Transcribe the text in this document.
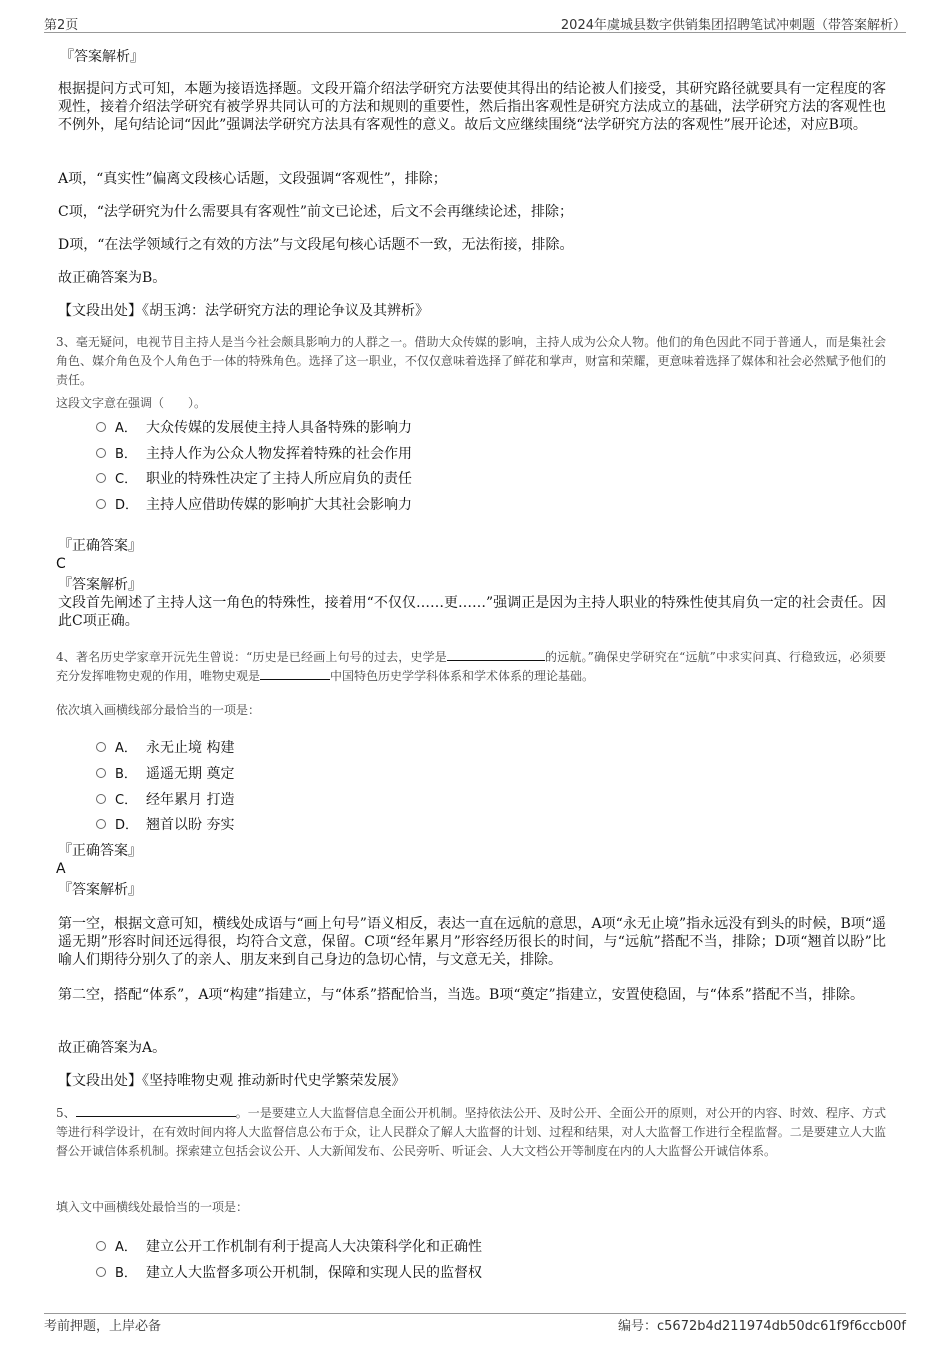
第2页	2024年虞城县数字供销集团招聘笔试冲刺题（带答案解析）

『答案解析』

根据提问方式可知，本题为接语选择题。文段开篇介绍法学研究方法要使其得出的结论被人们接受，其研究路径就要具有一定程度的客观性，接着介绍法学研究有被学界共同认可的方法和规则的重要性，然后指出客观性是研究方法成立的基础，法学研究方法的客观性也不例外，尾句结论词“因此”强调法学研究方法具有客观性的意义。故后文应继续围绕“法学研究方法的客观性”展开论述，对应B项。

A项，“真实性”偏离文段核心话题，文段强调“客观性”，排除；

C项，“法学研究为什么需要具有客观性”前文已论述，后文不会再继续论述，排除；

D项，“在法学领域行之有效的方法”与文段尾句核心话题不一致，无法衔接，排除。

故正确答案为B。

【文段出处】《胡玉鸿：法学研究方法的理论争议及其辨析》

3、毫无疑问，电视节目主持人是当今社会颇具影响力的人群之一。借助大众传媒的影响，主持人成为公众人物。他们的角色因此不同于普通人，而是集社会角色、媒介角色及个人角色于一体的特殊角色。选择了这一职业，不仅仅意味着选择了鲜花和掌声，财富和荣耀，更意味着选择了媒体和社会必然赋予他们的责任。

这段文字意在强调（　　）。

A． 大众传媒的发展使主持人具备特殊的影响力
B． 主持人作为公众人物发挥着特殊的社会作用
C． 职业的特殊性决定了主持人所应肩负的责任
D． 主持人应借助传媒的影响扩大其社会影响力

『正确答案』

C

『答案解析』

文段首先阐述了主持人这一角色的特殊性，接着用“不仅仅……更……”强调正是因为主持人职业的特殊性使其肩负一定的社会责任。因此C项正确。

4、著名历史学家章开沅先生曾说：“历史是已经画上句号的过去，史学是	的远航。”确保史学研究在“远航”中求实问真、行稳致远，必须要充分发挥唯物史观的作用，唯物史观是	中国特色历史学学科体系和学术体系的理论基础。

依次填入画横线部分最恰当的一项是：

A． 永无止境 构建
B． 遥遥无期 奠定
C． 经年累月 打造
D． 翘首以盼 夯实

『正确答案』

A

『答案解析』

第一空，根据文意可知，横线处成语与“画上句号”语义相反，表达一直在远航的意思，A项“永无止境”指永远没有到头的时候，B项“遥遥无期”形容时间还远得很，均符合文意，保留。C项“经年累月”形容经历很长的时间，与“远航”搭配不当，排除；D项“翘首以盼”比喻人们期待分别久了的亲人、朋友来到自己身边的急切心情，与文意无关，排除。

第二空，搭配“体系”，A项“构建”指建立，与“体系”搭配恰当，当选。B项“奠定”指建立，安置使稳固，与“体系”搭配不当，排除。

故正确答案为A。

【文段出处】《坚持唯物史观 推动新时代史学繁荣发展》

5、	。一是要建立人大监督信息全面公开机制。坚持依法公开、及时公开、全面公开的原则，对公开的内容、时效、程序、方式等进行科学设计，在有效时间内将人大监督信息公布于众，让人民群众了解人大监督的计划、过程和结果，对人大监督工作进行全程监督。二是要建立人大监督公开诚信体系机制。探索建立包括会议公开、人大新闻发布、公民旁听、听证会、人大文档公开等制度在内的人大监督公开诚信体系。

填入文中画横线处最恰当的一项是：

A． 建立公开工作机制有利于提高人大决策科学化和正确性
B． 建立人大监督多项公开机制，保障和实现人民的监督权
考前押题，上岸必备	编号：c5672b4d211974db50dc61f9f6ccb00f
